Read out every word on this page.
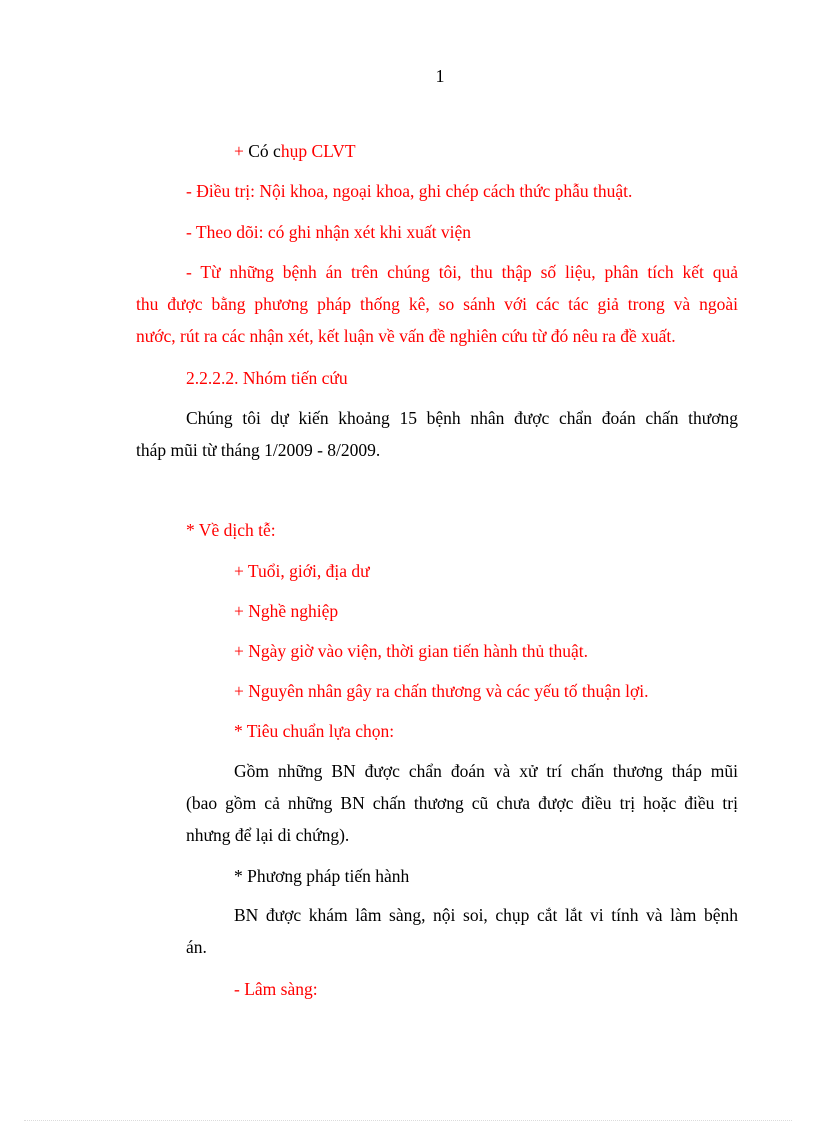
1
+ Có chụp CLVT
- Điều trị: Nội khoa, ngoại khoa, ghi chép cách thức phẫu thuật.
- Theo dõi: có ghi nhận xét khi xuất viện
- Từ những bệnh án trên chúng tôi, thu thập số liệu, phân tích kết quả
thu được bằng phương pháp thống kê, so sánh với các tác giả trong và ngoài
nước, rút ra các nhận xét, kết luận về vấn đề nghiên cứu từ đó nêu ra đề xuất.
2.2.2.2. Nhóm tiến cứu
Chúng tôi dự kiến khoảng 15 bệnh nhân được chẩn đoán chấn thương
tháp mũi từ tháng 1/2009 - 8/2009.
* Về dịch tễ:
+ Tuổi, giới, địa dư
+ Nghề nghiệp
+ Ngày giờ vào viện, thời gian tiến hành thủ thuật.
+ Nguyên nhân gây ra chấn thương và các yếu tố thuận lợi.
* Tiêu chuẩn lựa chọn:
Gồm những BN được chẩn đoán và xử trí chấn thương tháp mũi
(bao gồm cả những BN chấn thương cũ chưa được điều trị hoặc điều trị
nhưng để lại di chứng).
* Phương pháp tiến hành
BN được khám lâm sàng, nội soi, chụp cắt lắt vi tính và làm bệnh
án.
- Lâm sàng:
